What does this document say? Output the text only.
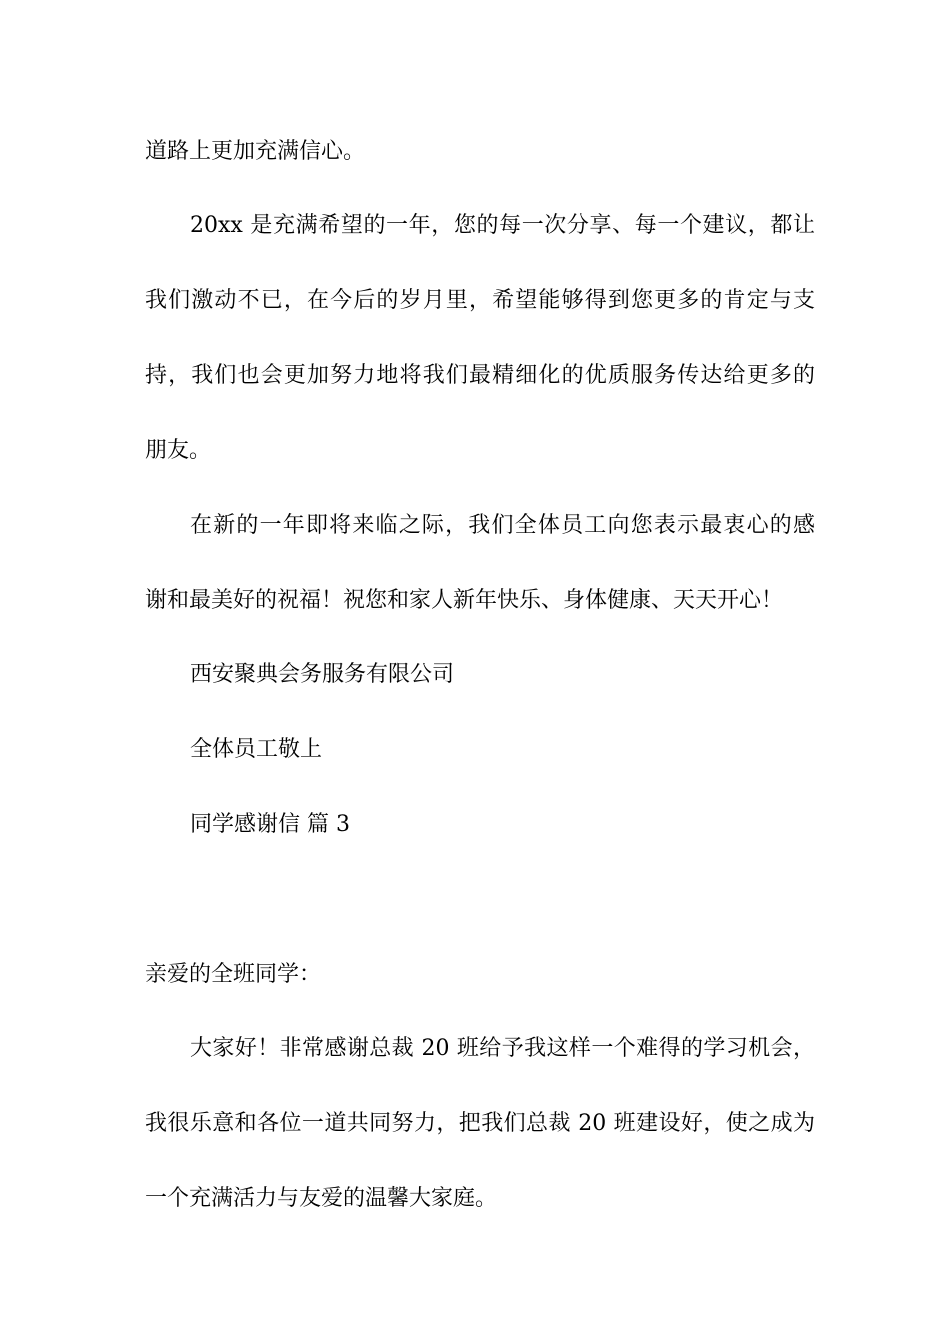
道路上更加充满信心。
20xx 是充满希望的一年，您的每一次分享、每一个建议，都让
我们激动不已，在今后的岁月里，希望能够得到您更多的肯定与支
持，我们也会更加努力地将我们最精细化的优质服务传达给更多的
朋友。
在新的一年即将来临之际，我们全体员工向您表示最衷心的感
谢和最美好的祝福！祝您和家人新年快乐、身体健康、天天开心！
西安聚典会务服务有限公司
全体员工敬上
同学感谢信 篇 3
亲爱的全班同学：
大家好！非常感谢总裁 20 班给予我这样一个难得的学习机会，
我很乐意和各位一道共同努力，把我们总裁 20 班建设好，使之成为
一个充满活力与友爱的温馨大家庭。
